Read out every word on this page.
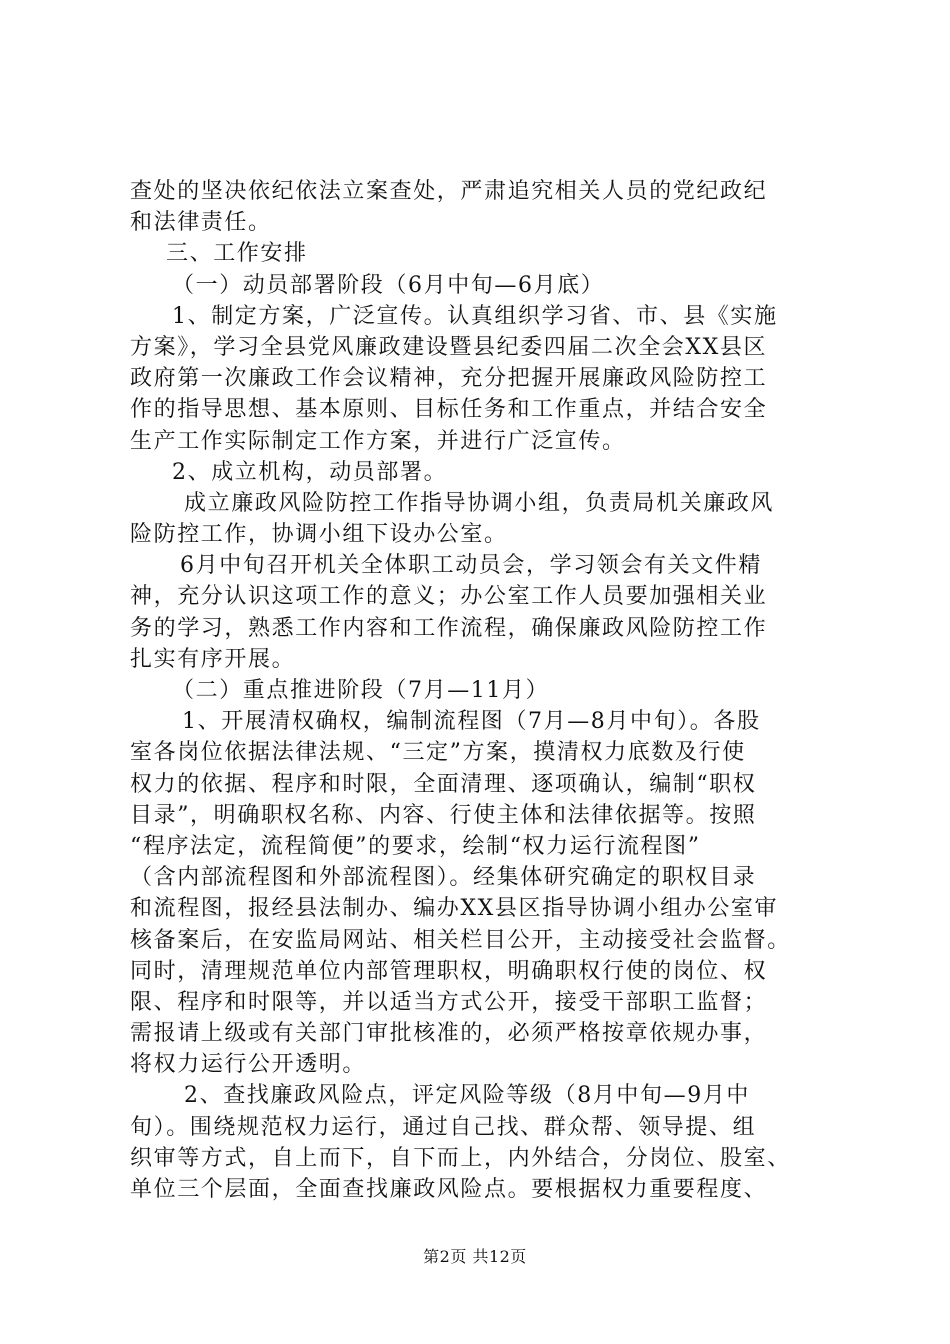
查处的坚决依纪依法立案查处，严肃追究相关人员的党纪政纪
和法律责任。
三、工作安排
（一）动员部署阶段（6月中旬—6月底）
1、制定方案，广泛宣传。认真组织学习省、市、县《实施
方案》，学习全县党风廉政建设暨县纪委四届二次全会XX县区
政府第一次廉政工作会议精神，充分把握开展廉政风险防控工
作的指导思想、基本原则、目标任务和工作重点，并结合安全
生产工作实际制定工作方案，并进行广泛宣传。
2、成立机构，动员部署。
成立廉政风险防控工作指导协调小组，负责局机关廉政风
险防控工作，协调小组下设办公室。
6月中旬召开机关全体职工动员会，学习领会有关文件精
神，充分认识这项工作的意义；办公室工作人员要加强相关业
务的学习，熟悉工作内容和工作流程，确保廉政风险防控工作
扎实有序开展。
（二）重点推进阶段（7月—11月）
1、开展清权确权，编制流程图（7月—8月中旬）。各股
室各岗位依据法律法规、“三定”方案，摸清权力底数及行使
权力的依据、程序和时限，全面清理、逐项确认，编制“职权
目录”，明确职权名称、内容、行使主体和法律依据等。按照
“程序法定，流程简便”的要求，绘制“权力运行流程图”
（含内部流程图和外部流程图）。经集体研究确定的职权目录
和流程图，报经县法制办、编办XX县区指导协调小组办公室审
核备案后，在安监局网站、相关栏目公开，主动接受社会监督。
同时，清理规范单位内部管理职权，明确职权行使的岗位、权
限、程序和时限等，并以适当方式公开，接受干部职工监督；
需报请上级或有关部门审批核准的，必须严格按章依规办事，
将权力运行公开透明。
2、查找廉政风险点，评定风险等级（8月中旬—9月中
旬）。围绕规范权力运行，通过自己找、群众帮、领导提、组
织审等方式，自上而下，自下而上，内外结合，分岗位、股室、
单位三个层面，全面查找廉政风险点。要根据权力重要程度、
第2页 共12页
